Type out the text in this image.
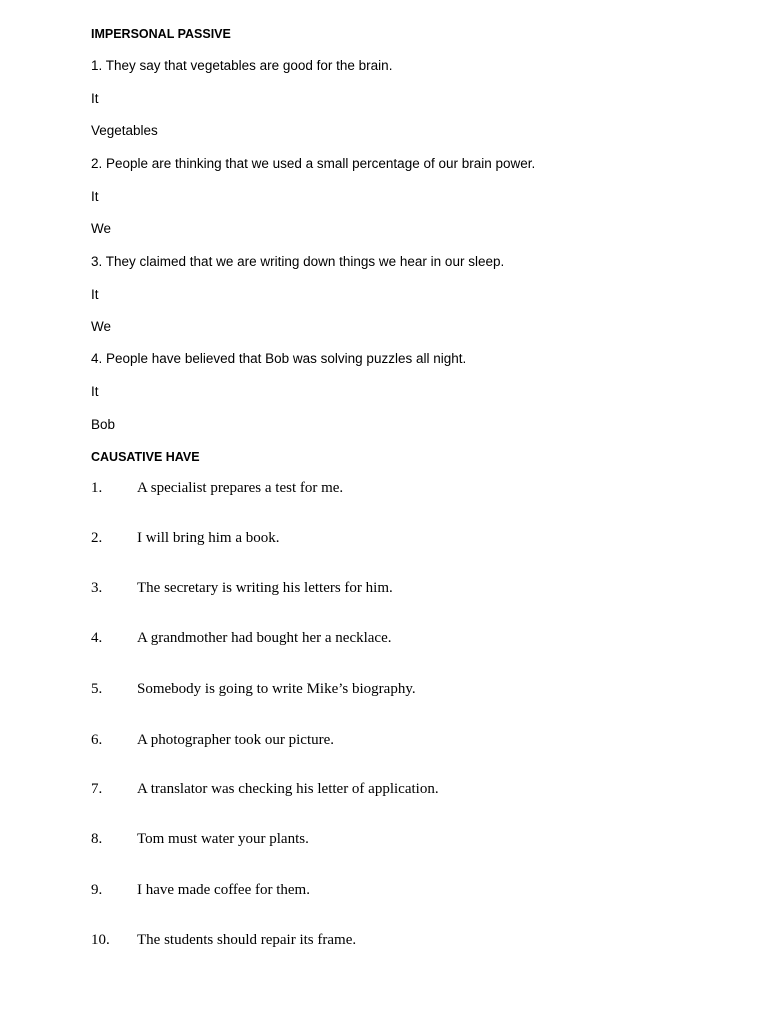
IMPERSONAL PASSIVE
1. They say that vegetables are good for the brain.
It
Vegetables
2. People are thinking that we used a small percentage of our brain power.
It
We
3. They claimed that we are writing down things we hear in our sleep.
It
We
4. People have believed that Bob was solving puzzles all night.
It
Bob
CAUSATIVE HAVE
1. A specialist prepares a test for me.
2. I will bring him a book.
3. The secretary is writing his letters for him.
4. A grandmother had bought her a necklace.
5. Somebody is going to write Mike’s biography.
6. A photographer took our picture.
7. A translator was checking his letter of application.
8. Tom must water your plants.
9. I have made coffee for them.
10. The students should repair its frame.
